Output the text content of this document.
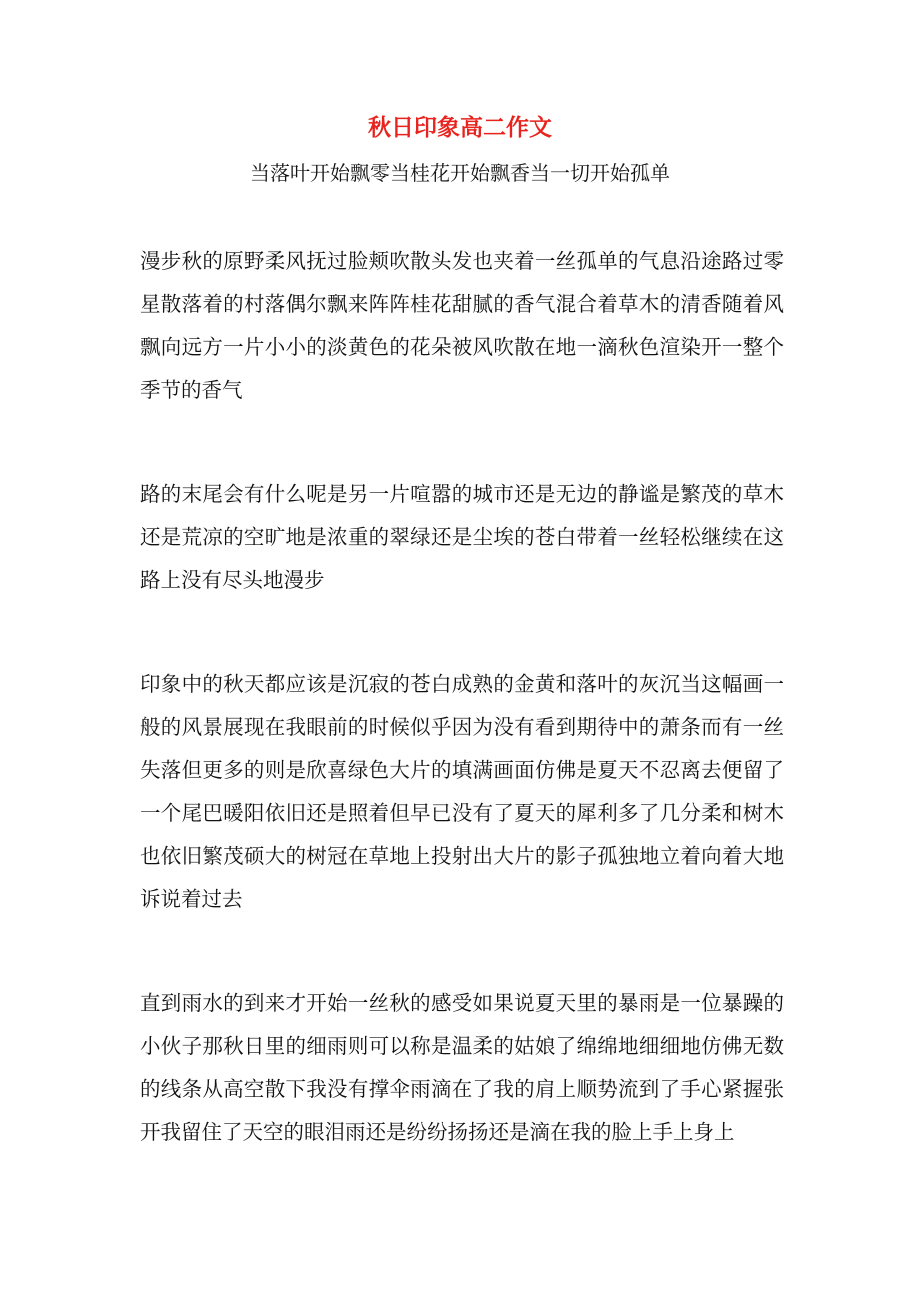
秋日印象高二作文

当落叶开始飘零当桂花开始飘香当一切开始孤单

漫步秋的原野柔风抚过脸颊吹散头发也夹着一丝孤单的气息沿途路过零星散落着的村落偶尔飘来阵阵桂花甜腻的香气混合着草木的清香随着风飘向远方一片小小的淡黄色的花朵被风吹散在地一滴秋色渲染开一整个季节的香气

路的末尾会有什么呢是另一片喧嚣的城市还是无边的静谧是繁茂的草木还是荒凉的空旷地是浓重的翠绿还是尘埃的苍白带着一丝轻松继续在这路上没有尽头地漫步

印象中的秋天都应该是沉寂的苍白成熟的金黄和落叶的灰沉当这幅画一般的风景展现在我眼前的时候似乎因为没有看到期待中的萧条而有一丝失落但更多的则是欣喜绿色大片的填满画面仿佛是夏天不忍离去便留了一个尾巴暖阳依旧还是照着但早已没有了夏天的犀利多了几分柔和树木也依旧繁茂硕大的树冠在草地上投射出大片的影子孤独地立着向着大地诉说着过去

直到雨水的到来才开始一丝秋的感受如果说夏天里的暴雨是一位暴躁的小伙子那秋日里的细雨则可以称是温柔的姑娘了绵绵地细细地仿佛无数的线条从高空散下我没有撑伞雨滴在了我的肩上顺势流到了手心紧握张开我留住了天空的眼泪雨还是纷纷扬扬还是滴在我的脸上手上身上
